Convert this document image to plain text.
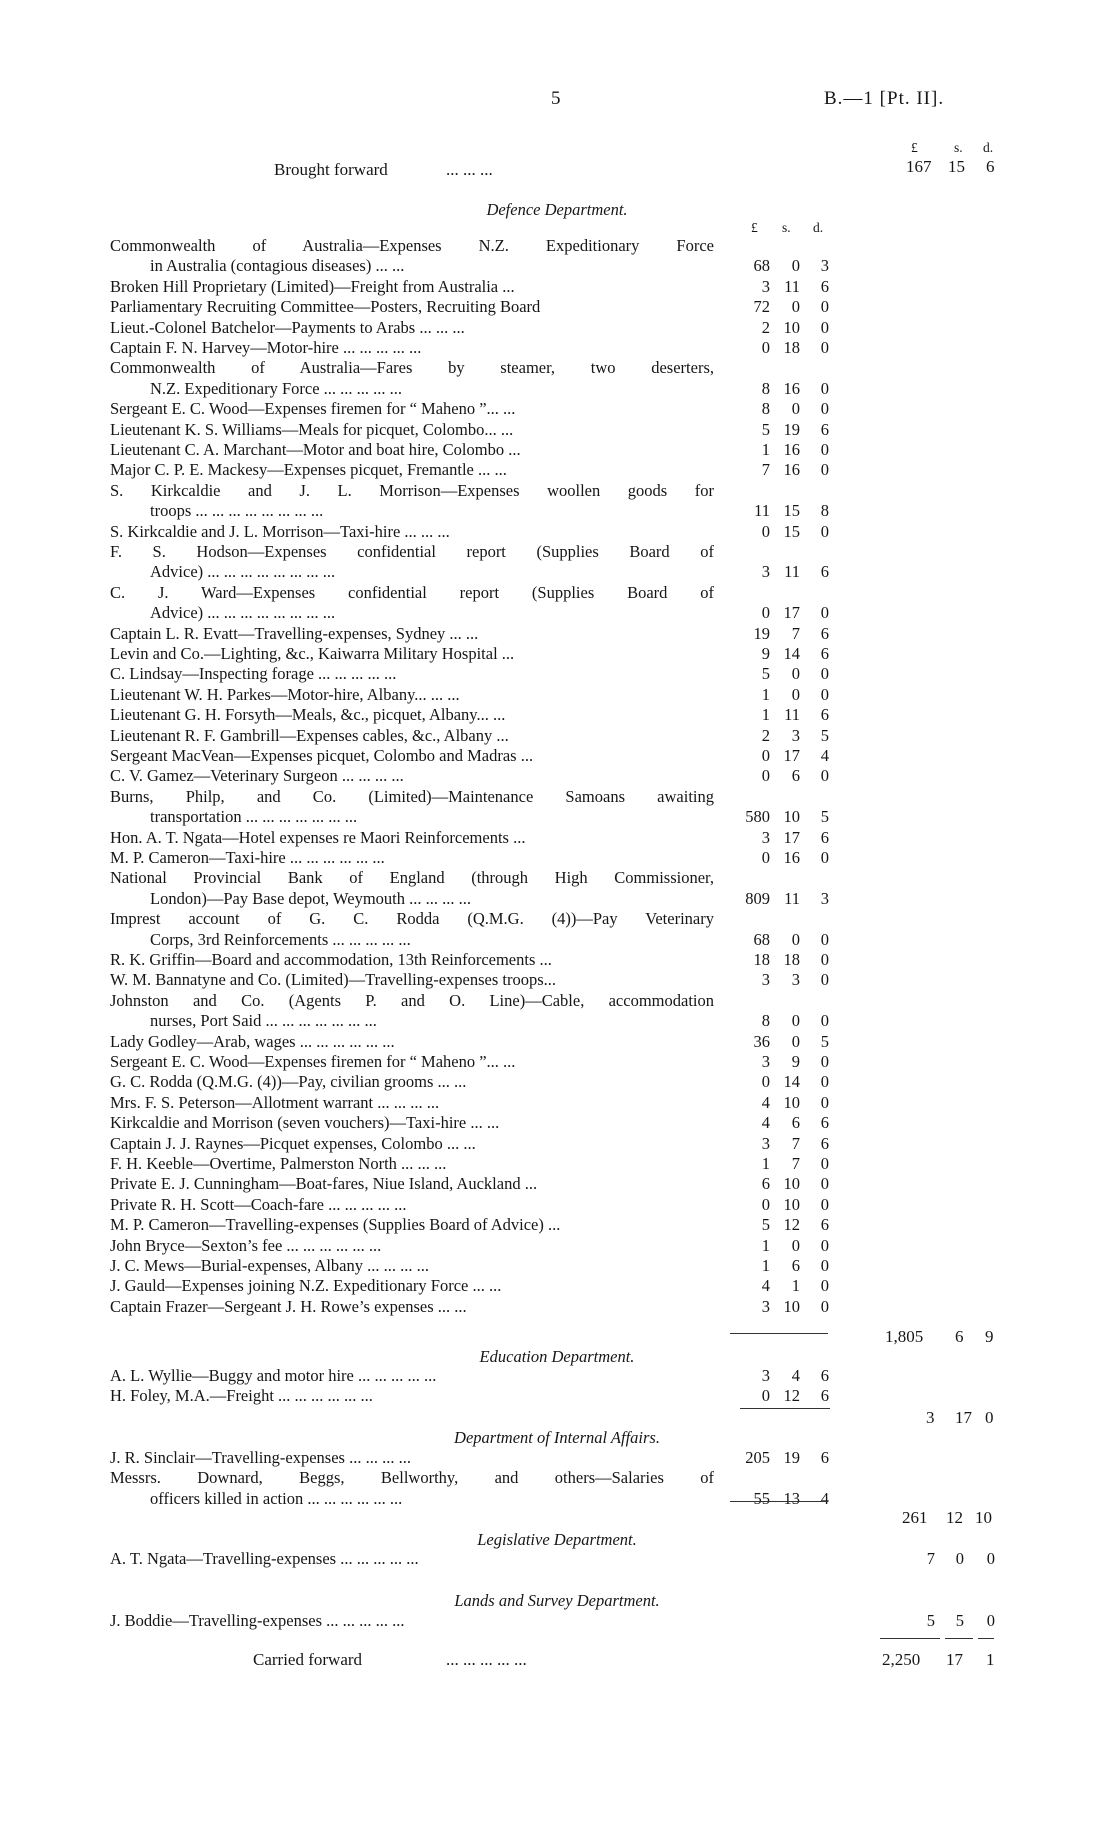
5	B.—1 [Pt. II].
£	s. d.
Brought forward	... ... ...	167 15 6
Defence Department.
£ s. d.
Commonwealth of Australia—Expenses N.Z. Expeditionary Force
in Australia (contagious diseases) ... ...	68	0	3
Broken Hill Proprietary (Limited)—Freight from Australia ...	3 11	6
Parliamentary Recruiting Committee—Posters, Recruiting Board	72	0	0
Lieut.-Colonel Batchelor—Payments to Arabs ... ... ...	2 10	0
Captain F. N. Harvey—Motor-hire ... ... ... ... ...	0 18	0
Commonwealth of Australia—Fares by steamer, two deserters,
N.Z. Expeditionary Force ... ... ... ... ...	8 16	0
Sergeant E. C. Wood—Expenses firemen for “ Maheno ”... ...	8	0	0
Lieutenant K. S. Williams—Meals for picquet, Colombo... ...	5 19	6
Lieutenant C. A. Marchant—Motor and boat hire, Colombo ...	1 16	0
Major C. P. E. Mackesy—Expenses picquet, Fremantle ... ...	7 16	0
S. Kirkcaldie and J. L. Morrison—Expenses woollen goods for
troops ... ... ... ... ... ... ... ...	11 15	8
S. Kirkcaldie and J. L. Morrison—Taxi-hire ... ... ...	0 15	0
F. S. Hodson—Expenses confidential report (Supplies Board of
Advice) ... ... ... ... ... ... ... ...	3 11	6
C. J. Ward—Expenses confidential report (Supplies Board of
Advice) ... ... ... ... ... ... ... ...	0 17	0
Captain L. R. Evatt—Travelling-expenses, Sydney ... ...	19	7	6
Levin and Co.—Lighting, &c., Kaiwarra Military Hospital ...	9 14	6
C. Lindsay—Inspecting forage ... ... ... ... ...	5	0	0
Lieutenant W. H. Parkes—Motor-hire, Albany... ... ...	1	0	0
Lieutenant G. H. Forsyth—Meals, &c., picquet, Albany... ...	1 11	6
Lieutenant R. F. Gambrill—Expenses cables, &c., Albany ...	2	3	5
Sergeant MacVean—Expenses picquet, Colombo and Madras ...	0 17	4
C. V. Gamez—Veterinary Surgeon ... ... ... ...	0	6	0
Burns, Philp, and Co. (Limited)—Maintenance Samoans awaiting
transportation ... ... ... ... ... ... ...	580 10	5
Hon. A. T. Ngata—Hotel expenses re Maori Reinforcements ...	3 17	6
M. P. Cameron—Taxi-hire ... ... ... ... ... ...	0 16	0
National Provincial Bank of England (through High Commissioner,
London)—Pay Base depot, Weymouth ... ... ... ...	809 11	3
Imprest account of G. C. Rodda (Q.M.G. (4))—Pay Veterinary
Corps, 3rd Reinforcements ... ... ... ... ...	68	0	0
R. K. Griffin—Board and accommodation, 13th Reinforcements ...	18 18	0
W. M. Bannatyne and Co. (Limited)—Travelling-expenses troops...	3	3	0
Johnston and Co. (Agents P. and O. Line)—Cable, accommodation
nurses, Port Said ... ... ... ... ... ... ...	8	0	0
Lady Godley—Arab, wages ... ... ... ... ... ...	36	0	5
Sergeant E. C. Wood—Expenses firemen for “ Maheno ”... ...	3	9	0
G. C. Rodda (Q.M.G. (4))—Pay, civilian grooms ... ...	0 14	0
Mrs. F. S. Peterson—Allotment warrant ... ... ... ...	4 10	0
Kirkcaldie and Morrison (seven vouchers)—Taxi-hire ... ...	4	6	6
Captain J. J. Raynes—Picquet expenses, Colombo ... ...	3	7	6
F. H. Keeble—Overtime, Palmerston North ... ... ...	1	7	0
Private E. J. Cunningham—Boat-fares, Niue Island, Auckland ...	6 10	0
Private R. H. Scott—Coach-fare ... ... ... ... ...	0 10	0
M. P. Cameron—Travelling-expenses (Supplies Board of Advice) ...	5 12	6
John Bryce—Sexton’s fee ... ... ... ... ... ...	1	0	0
J. C. Mews—Burial-expenses, Albany ... ... ... ...	1	6	0
J. Gauld—Expenses joining N.Z. Expeditionary Force ... ...	4	1	0
Captain Frazer—Sergeant J. H. Rowe’s expenses ... ...	3 10	0
1,805 6 9
Education Department.
A. L. Wyllie—Buggy and motor hire ... ... ... ... ...	3	4	6
H. Foley, M.A.—Freight ... ... ... ... ... ...	0 12	6
3 17 0
Department of Internal Affairs.
J. R. Sinclair—Travelling-expenses ... ... ... ...	205 19	6
Messrs. Downard, Beggs, Bellworthy, and others—Salaries of
officers killed in action ... ... ... ... ... ...	55 13	4
261 12 10
Legislative Department.
A. T. Ngata—Travelling-expenses ... ... ... ... ...	7	0	0
Lands and Survey Department.
J. Boddie—Travelling-expenses ... ... ... ... ...	5	5	0
Carried forward	... ... ... ... ...	2,250 17 1
